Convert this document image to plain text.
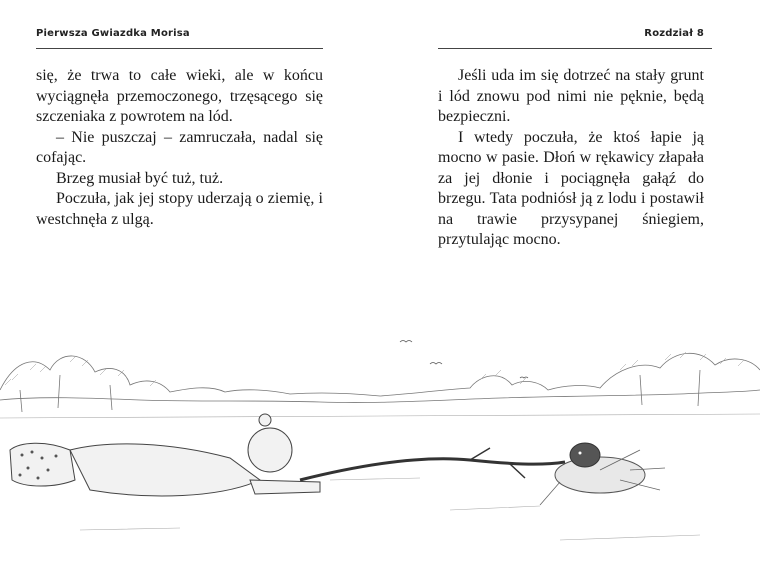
Pierwsza Gwiazdka Morisa

się, że trwa to całe wieki, ale w końcu wyciągnęła przemoczonego, trzęsącego się szczeniaka z powrotem na lód.

– Nie puszczaj – zamruczała, nadal się cofając.

Brzeg musiał być tuż, tuż.

Poczuła, jak jej stopy uderzają o ziemię, i westchnęła z ulgą.

Rozdział 8

Jeśli uda im się dotrzeć na stały grunt i lód znowu pod nimi nie pęknie, będą bezpieczni.

I wtedy poczuła, że ktoś łapie ją mocno w pasie. Dłoń w rękawicy złapała za jej dłonie i pociągnęła gałąź do brzegu. Tata podniósł ją z lodu i postawił na trawie przysypanej śniegiem, przytulając mocno.
